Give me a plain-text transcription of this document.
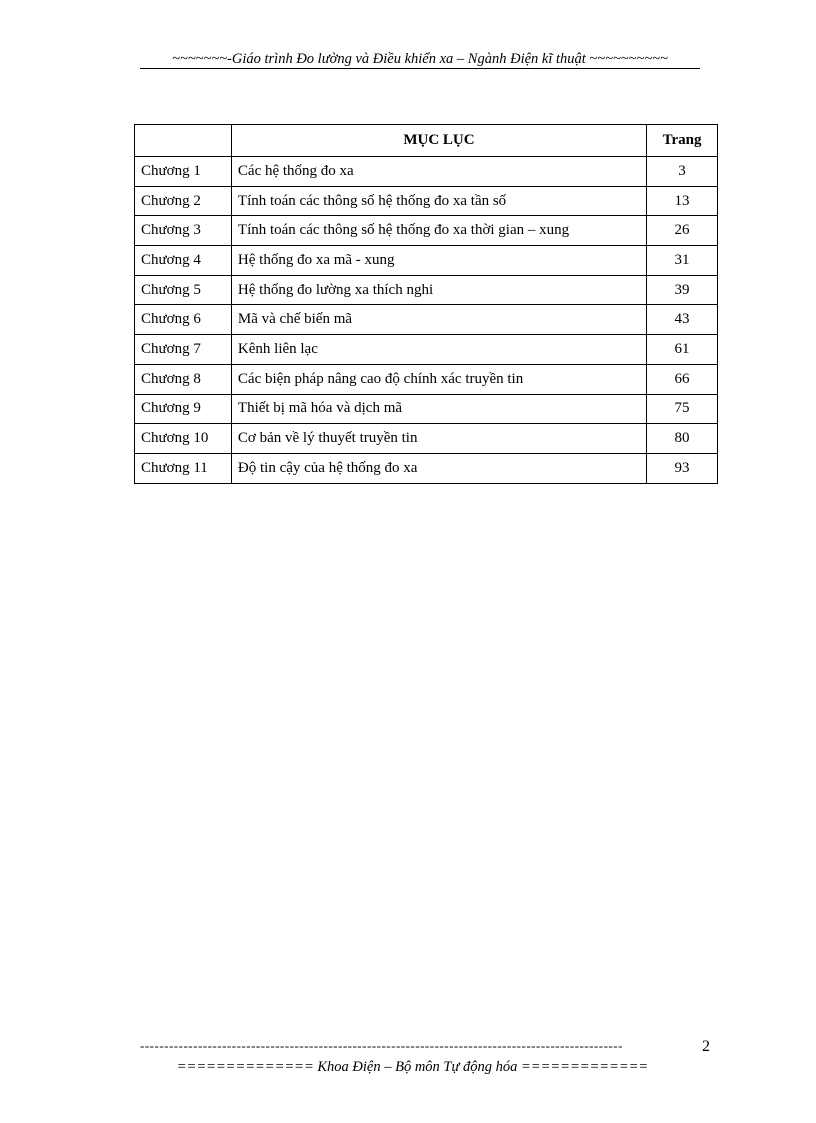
~~~~~~~-Giáo trình Đo lường và Điều khiển xa – Ngành Điện kĩ thuật ~~~~~~~~~~
	MỤC LỤC	Trang
Chương 1	Các hệ thống đo xa	3
Chương 2	Tính toán các thông số hệ thống đo xa tần số	13
Chương 3	Tính toán các thông số hệ thống đo xa thời gian – xung	26
Chương 4	Hệ thống đo xa mã - xung	31
Chương 5	Hệ thống đo lường xa thích nghi	39
Chương 6	Mã và chế biến mã	43
Chương 7	Kênh liên lạc	61
Chương 8	Các biện pháp nâng cao độ chính xác truyền tin	66
Chương 9	Thiết bị mã hóa và dịch mã	75
Chương 10	Cơ bản về lý thuyết truyền tin	80
Chương 11	Độ tin cậy của hệ thống đo xa	93
----------------------------------------------------------------------------------------------------	2
============== Khoa Điện – Bộ môn Tự động hóa =============
